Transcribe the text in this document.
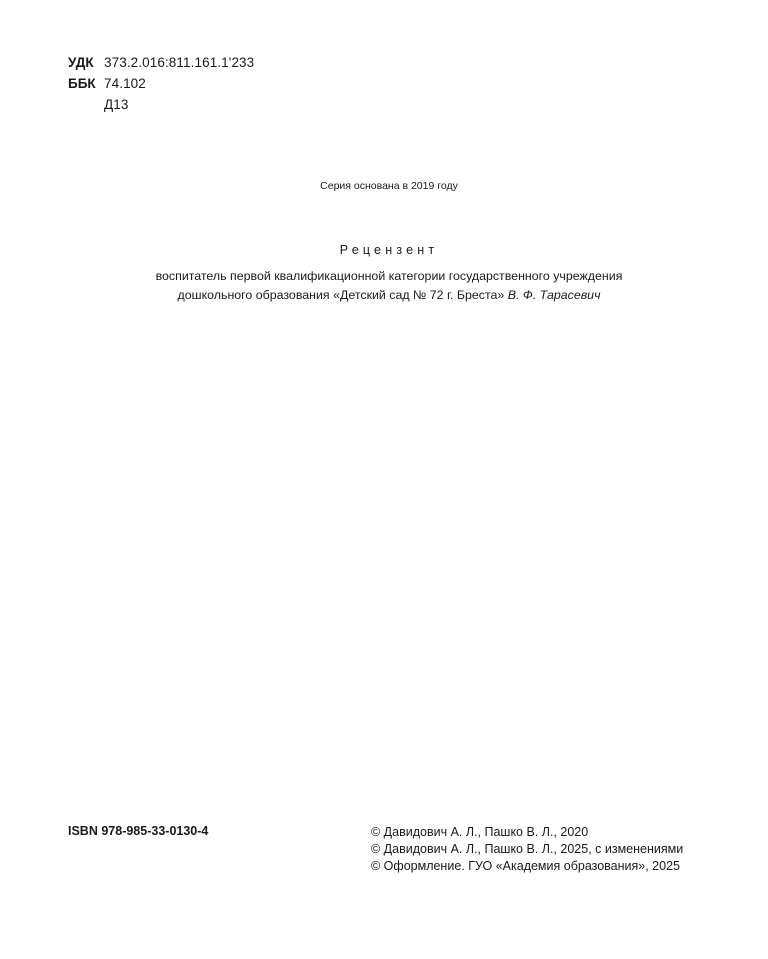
УДК 373.2.016:811.161.1'233
ББК 74.102
Д13
Серия основана в 2019 году
Рецензент
воспитатель первой квалификационной категории государственного учреждения
дошкольного образования «Детский сад № 72 г. Бреста» В. Ф. Тарасевич
ISBN 978-985-33-0130-4	© Давидович А. Л., Пашко В. Л., 2020
© Давидович А. Л., Пашко В. Л., 2025, с изменениями
© Оформление. ГУО «Академия образования», 2025
